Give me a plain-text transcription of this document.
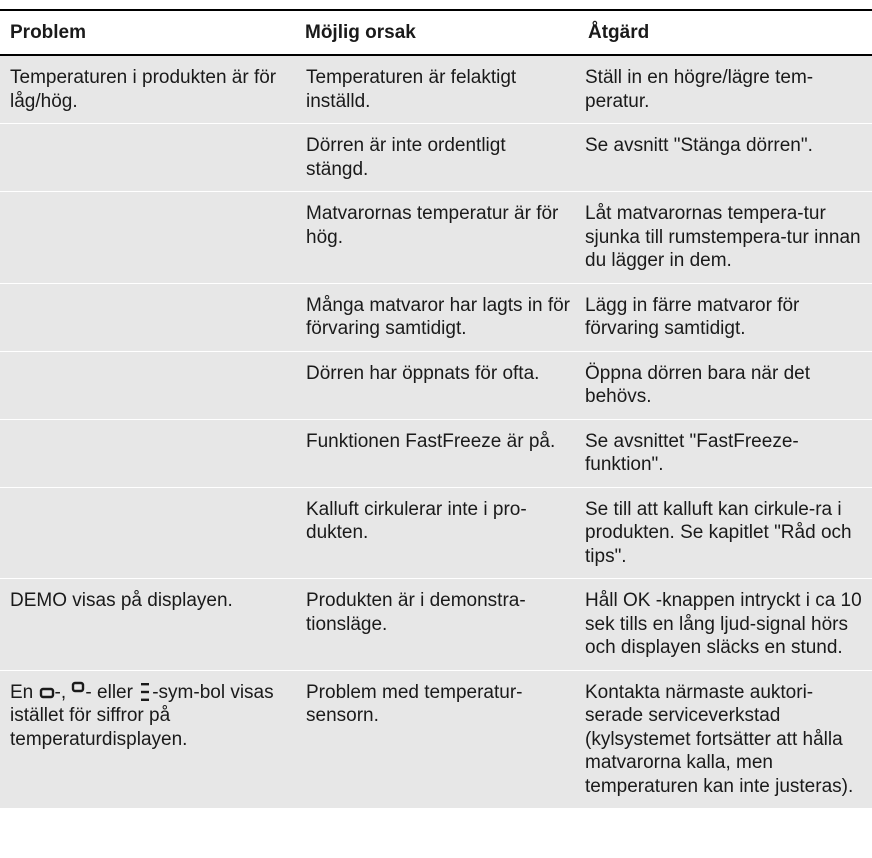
Problem	Möjlig orsak	Åtgärd
Temperaturen i produkten är för låg/hög.	Temperaturen är felaktigt inställd.	Ställ in en högre/lägre tem-peratur.
	Dörren är inte ordentligt stängd.	Se avsnitt "Stänga dörren".
	Matvarornas temperatur är för hög.	Låt matvarornas tempera-tur sjunka till rumstempera-tur innan du lägger in dem.
	Många matvaror har lagts in för förvaring samtidigt.	Lägg in färre matvaror för förvaring samtidigt.
	Dörren har öppnats för ofta.	Öppna dörren bara när det behövs.
	Funktionen FastFreeze är på.	Se avsnittet "FastFreeze-funktion".
	Kalluft cirkulerar inte i pro-dukten.	Se till att kalluft kan cirkule-ra i produkten. Se kapitlet "Råd och tips".
DEMO visas på displayen.	Produkten är i demonstra-tionsläge.	Håll OK -knappen intryckt i ca 10 sek tills en lång ljud-signal hörs och displayen släcks en stund.
En -, - eller -sym-bol visas istället för siffror på temperaturdisplayen.	Problem med temperatur-sensorn.	Kontakta närmaste auktori-serade serviceverkstad (kylsystemet fortsätter att hålla matvarorna kalla, men temperaturen kan inte justeras).
